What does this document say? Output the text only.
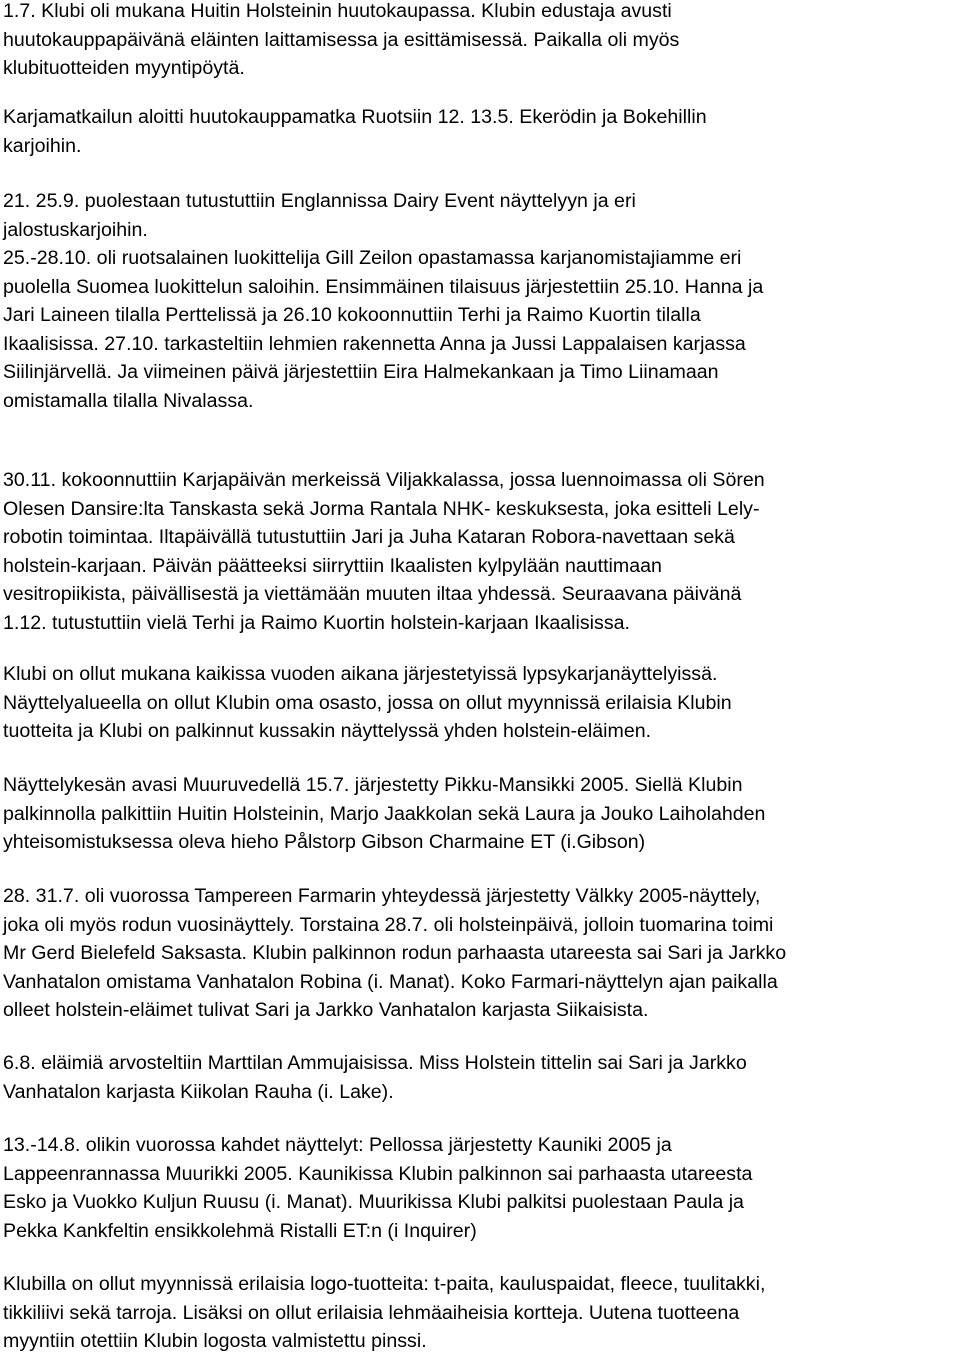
1.7. Klubi oli mukana Huitin Holsteinin huutokaupassa. Klubin edustaja avusti
huutokauppapäivänä eläinten laittamisessa ja esittämisessä. Paikalla oli myös
klubituotteiden myyntipöytä.

Karjamatkailun aloitti huutokauppamatka Ruotsiin 12. 13.5. Ekerödin ja Bokehillin
karjoihin.

21. 25.9. puolestaan tutustuttiin Englannissa Dairy Event näyttelyyn ja eri
jalostuskarjoihin.

25.-28.10. oli ruotsalainen luokittelija Gill Zeilon opastamassa karjanomistajiamme eri
puolella Suomea luokittelun saloihin. Ensimmäinen tilaisuus järjestettiin 25.10. Hanna ja
Jari Laineen tilalla Perttelissä ja 26.10 kokoonnuttiin Terhi ja Raimo Kuortin tilalla
Ikaalisissa. 27.10. tarkasteltiin lehmien rakennetta Anna ja Jussi Lappalaisen karjassa
Siilinjärvellä. Ja viimeinen päivä järjestettiin Eira Halmekankaan ja Timo Liinamaan
omistamalla tilalla Nivalassa.

30.11. kokoonnuttiin Karjapäivän merkeissä Viljakkalassa, jossa luennoimassa oli Sören
Olesen Dansire:lta Tanskasta sekä Jorma Rantala NHK- keskuksesta, joka esitteli Lely-
robotin toimintaa. Iltapäivällä tutustuttiin Jari ja Juha Kataran Robora-navettaan sekä
holstein-karjaan. Päivän päätteeksi siirryttiin Ikaalisten kylpylään nauttimaan
vesitropiikista, päivällisestä ja viettämään muuten iltaa yhdessä. Seuraavana päivänä
1.12. tutustuttiin vielä Terhi ja Raimo Kuortin holstein-karjaan Ikaalisissa.

Klubi on ollut mukana kaikissa vuoden aikana järjestetyissä lypsykarjanäyttelyissä.
Näyttelyalueella on ollut Klubin oma osasto, jossa on ollut myynnissä erilaisia Klubin
tuotteita ja Klubi on palkinnut kussakin näyttelyssä yhden holstein-eläimen.

Näyttelykesän avasi Muuruvedellä 15.7. järjestetty Pikku-Mansikki 2005. Siellä Klubin
palkinnolla palkittiin Huitin Holsteinin, Marjo Jaakkolan sekä Laura ja Jouko Laiholahden
yhteisomistuksessa oleva hieho Pålstorp Gibson Charmaine ET (i.Gibson)

28. 31.7. oli vuorossa Tampereen Farmarin yhteydessä järjestetty Välkky 2005-näyttely,
joka oli myös rodun vuosinäyttely. Torstaina 28.7. oli holsteinpäivä, jolloin tuomarina toimi
Mr Gerd Bielefeld Saksasta. Klubin palkinnon rodun parhaasta utareesta sai Sari ja Jarkko
Vanhatalon omistama Vanhatalon Robina (i. Manat). Koko Farmari-näyttelyn ajan paikalla
olleet holstein-eläimet tulivat Sari ja Jarkko Vanhatalon karjasta Siikaisista.

6.8. eläimiä arvosteltiin Marttilan Ammujaisissa. Miss Holstein tittelin sai Sari ja Jarkko
Vanhatalon karjasta Kiikolan Rauha (i. Lake).

13.-14.8. olikin vuorossa kahdet näyttelyt: Pellossa järjestetty Kauniki 2005 ja
Lappeenrannassa Muurikki 2005. Kaunikissa Klubin palkinnon sai parhaasta utareesta
Esko ja Vuokko Kuljun Ruusu (i. Manat). Muurikissa Klubi palkitsi puolestaan Paula ja
Pekka Kankfeltin ensikkolehmä Ristalli ET:n (i Inquirer)

Klubilla on ollut myynnissä erilaisia logo-tuotteita: t-paita, kauluspaidat, fleece, tuulitakki,
tikkiliivi sekä tarroja. Lisäksi on ollut erilaisia lehmäaiheisia kortteja. Uutena tuotteena
myyntiin otettiin Klubin logosta valmistettu pinssi.
